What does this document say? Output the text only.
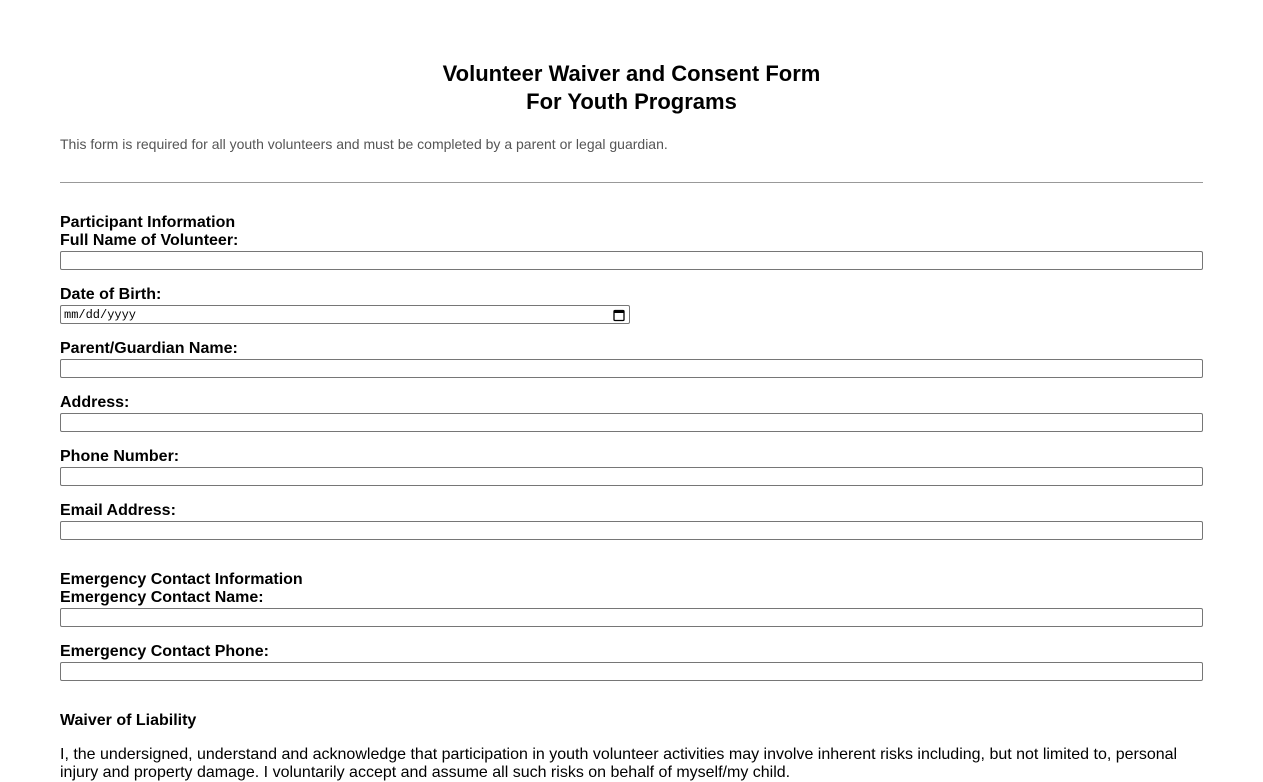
Volunteer Waiver and Consent Form
For Youth Programs

This form is required for all youth volunteers and must be completed by a parent or legal guardian.

Participant Information
Full Name of Volunteer:
Date of Birth:
mm/dd/yyyy
Parent/Guardian Name:
Address:
Phone Number:
Email Address:
Emergency Contact Information
Emergency Contact Name:
Emergency Contact Phone:
Waiver of Liability

I, the undersigned, understand and acknowledge that participation in youth volunteer activities may involve inherent risks including, but not limited to, personal injury and property damage. I voluntarily accept and assume all such risks on behalf of myself/my child.
